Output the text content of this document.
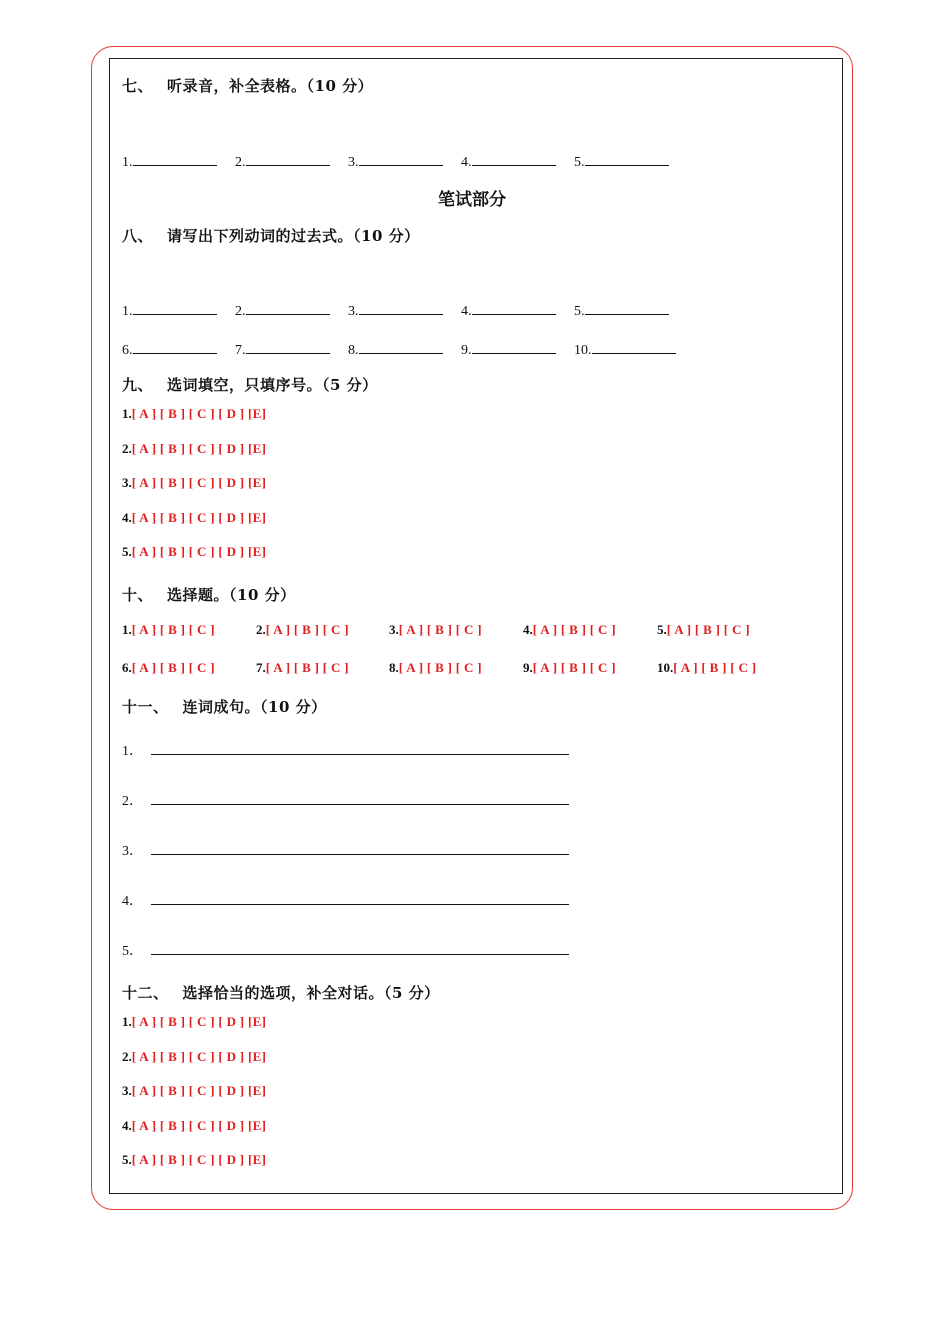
七、 听录音，补全表格。（10 分）
1.	2.	3.	4.	5.
笔试部分
八、 请写出下列动词的过去式。（10 分）
1.	2.	3.	4.	5.
6.	7.	8.	9.	10.
九、 选词填空，只填序号。（5 分）
1.[ A ] [ B ] [ C ] [ D ] [E]
2.[ A ] [ B ] [ C ] [ D ] [E]
3.[ A ] [ B ] [ C ] [ D ] [E]
4.[ A ] [ B ] [ C ] [ D ] [E]
5.[ A ] [ B ] [ C ] [ D ] [E]
十、 选择题。（10 分）
1.[ A ] [ B ] [ C ]	2.[ A ] [ B ] [ C ]	3.[ A ] [ B ] [ C ]	4.[ A ] [ B ] [ C ]	5.[ A ] [ B ] [ C ]
6.[ A ] [ B ] [ C ]	7.[ A ] [ B ] [ C ]	8.[ A ] [ B ] [ C ]	9.[ A ] [ B ] [ C ]	10.[ A ] [ B ] [ C ]
十一、 连词成句。（10 分）
1．
2．
3．
4．
5．
十二、 选择恰当的选项，补全对话。（5 分）
1.[ A ] [ B ] [ C ] [ D ] [E]
2.[ A ] [ B ] [ C ] [ D ] [E]
3.[ A ] [ B ] [ C ] [ D ] [E]
4.[ A ] [ B ] [ C ] [ D ] [E]
5.[ A ] [ B ] [ C ] [ D ] [E]
